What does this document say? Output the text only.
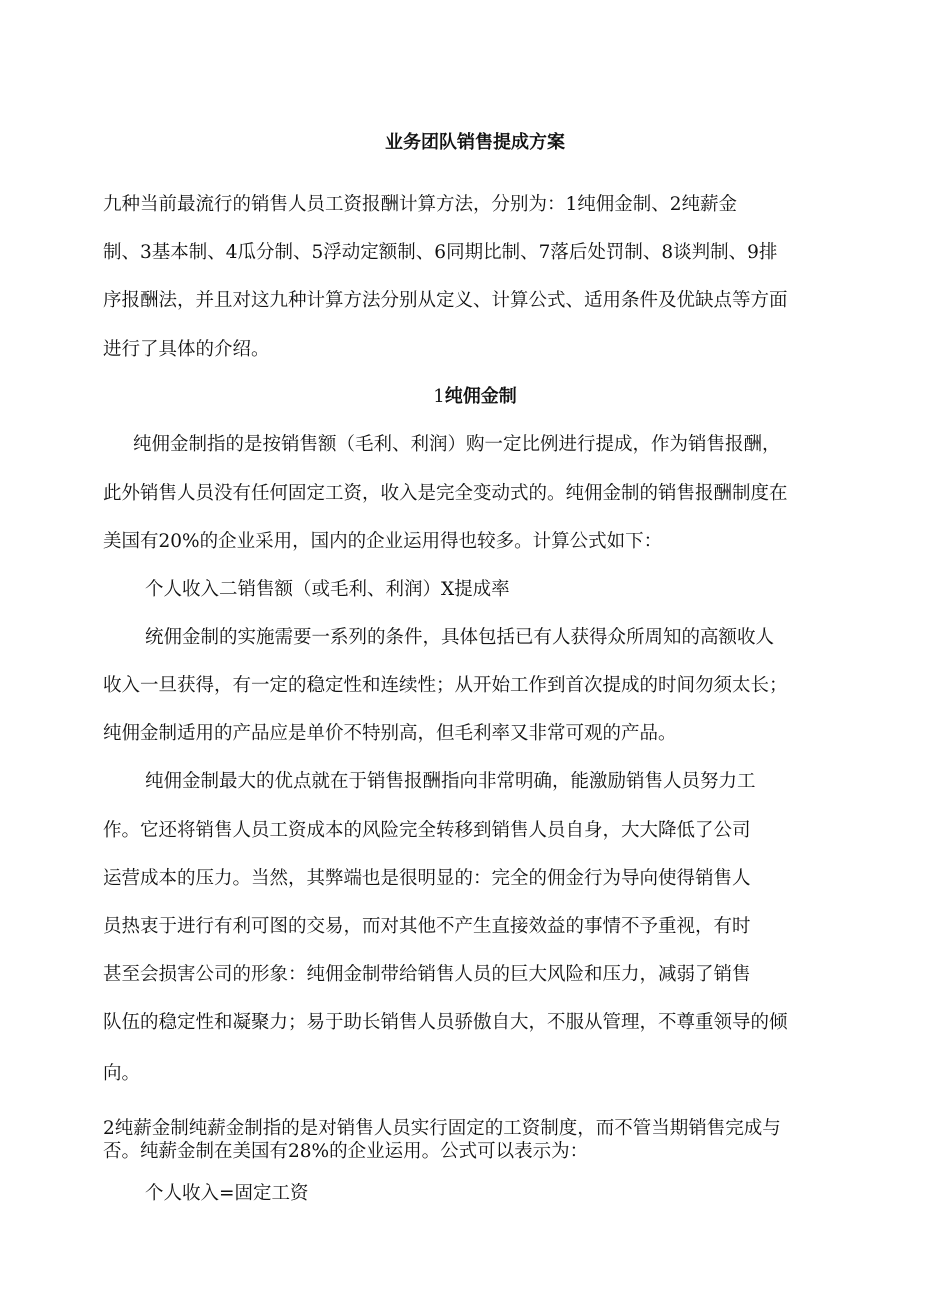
业务团队销售提成方案
九种当前最流行的销售人员工资报酬计算方法，分别为：1纯佣金制、2纯薪金
制、3基本制、4瓜分制、5浮动定额制、6同期比制、7落后处罚制、8谈判制、9排
序报酬法，并且对这九种计算方法分别从定义、计算公式、适用条件及优缺点等方面
进行了具体的介绍。
1纯佣金制
纯佣金制指的是按销售额（毛利、利润）购一定比例进行提成，作为销售报酬，
此外销售人员没有任何固定工资，收入是完全变动式的。纯佣金制的销售报酬制度在
美国有20%的企业采用，国内的企业运用得也较多。计算公式如下：
个人收入二销售额（或毛利、利润）X提成率
统佣金制的实施需要一系列的条件，具体包括已有人获得众所周知的高额收人
收入一旦获得，有一定的稳定性和连续性；从开始工作到首次提成的时间勿须太长；
纯佣金制适用的产品应是单价不特别高，但毛利率又非常可观的产品。
纯佣金制最大的优点就在于销售报酬指向非常明确，能激励销售人员努力工
作。它还将销售人员工资成本的风险完全转移到销售人员自身，大大降低了公司
运营成本的压力。当然，其弊端也是很明显的：完全的佣金行为导向使得销售人
员热衷于进行有利可图的交易，而对其他不产生直接效益的事情不予重视，有时
甚至会损害公司的形象：纯佣金制带给销售人员的巨大风险和压力，减弱了销售
队伍的稳定性和凝聚力；易于助长销售人员骄傲自大，不服从管理，不尊重领导的倾
向。
2纯薪金制纯薪金制指的是对销售人员实行固定的工资制度，而不管当期销售完成与
否。纯薪金制在美国有28%的企业运用。公式可以表示为：
个人收入=固定工资
